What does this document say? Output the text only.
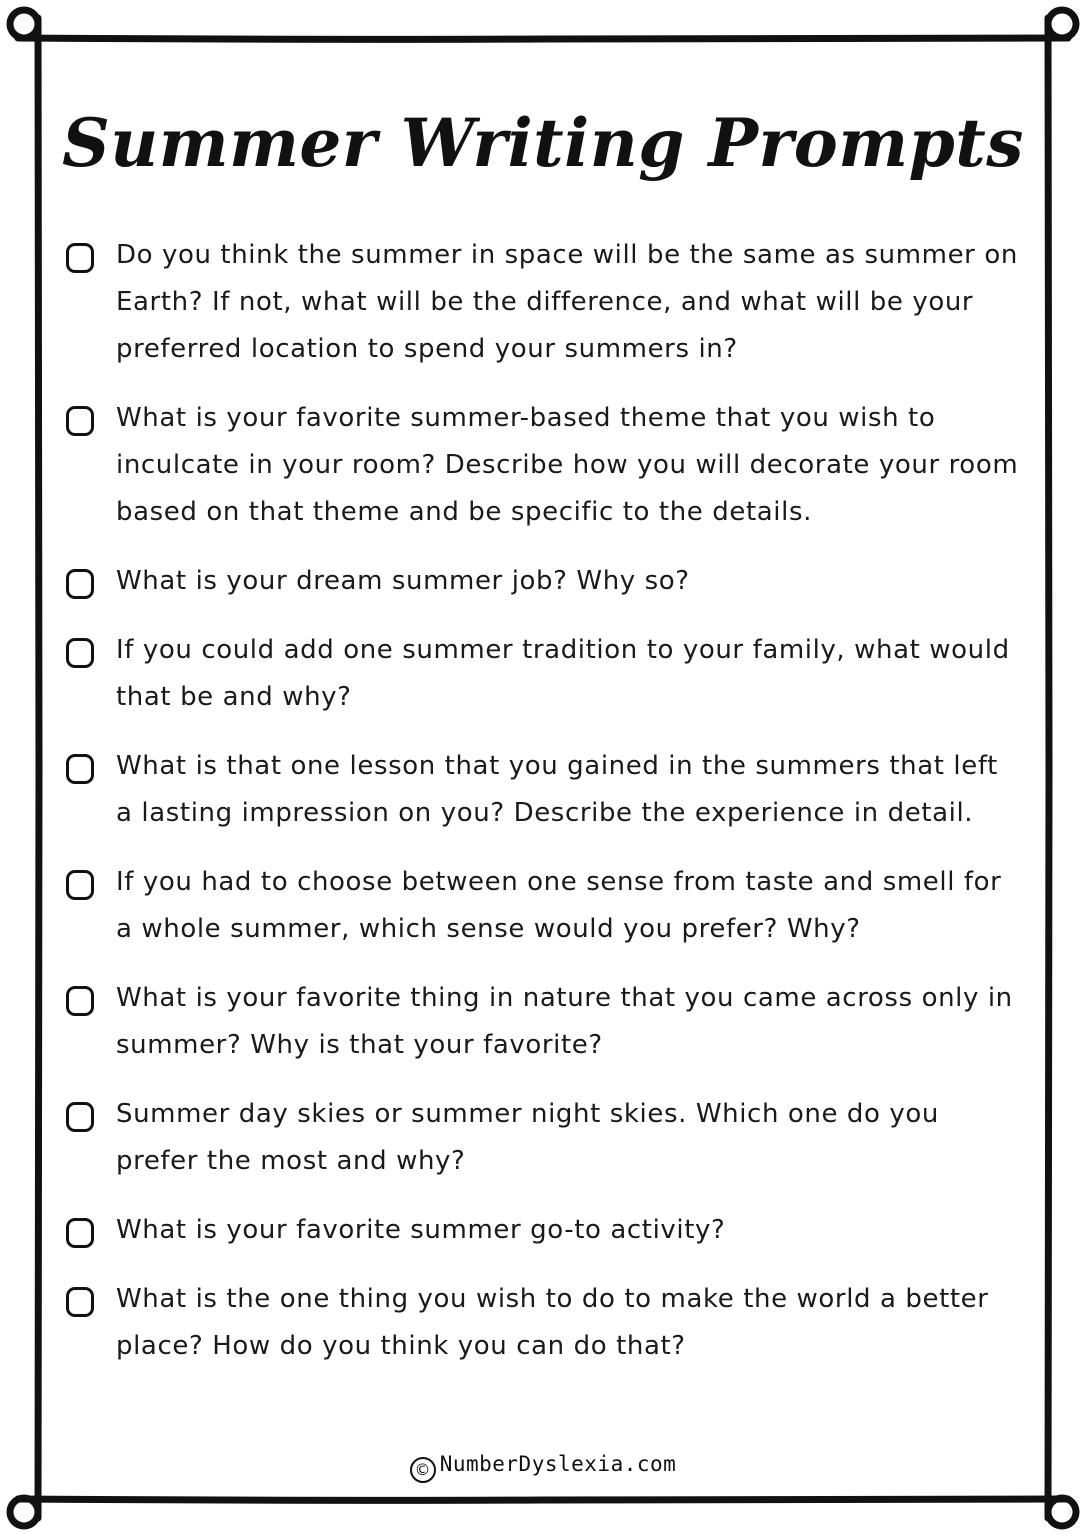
Summer Writing Prompts
Do you think the summer in space will be the same as summer on Earth? If not, what will be the difference, and what will be your preferred location to spend your summers in?
What is your favorite summer-based theme that you wish to inculcate in your room? Describe how you will decorate your room based on that theme and be specific to the details.
What is your dream summer job? Why so?
If you could add one summer tradition to your family, what would that be and why?
What is that one lesson that you gained in the summers that left a lasting impression on you? Describe the experience in detail.
If you had to choose between one sense from taste and smell for a whole summer, which sense would you prefer? Why?
What is your favorite thing in nature that you came across only in summer? Why is that your favorite?
Summer day skies or summer night skies. Which one do you prefer the most and why?
What is your favorite summer go-to activity?
What is the one thing you wish to do to make the world a better place? How do you think you can do that?
© NumberDyslexia.com
